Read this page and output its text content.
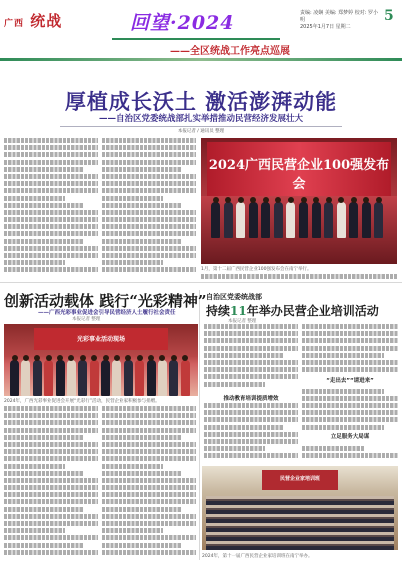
广西 统战	回望·2024
——全区统战工作亮点巡展
责编: 凌娴 美编: 郑梦婷 校对: 罗小明
2025年1月7日 星期二
5
厚植成长沃土 激活澎湃动能
——自治区党委统战部扎实举措推动民营经济发展壮大
本报记者 / 通讯员 整理
2024广西民营企业100强发布会
1月，第十二届广西民营企业100强发布会在南宁举行。
创新活动载体 践行“光彩精神”
——广西光彩事业促进会引导民营经济人士履行社会责任
本报记者 整理
光彩事业活动现场
2024年，广西光彩事业促进会开展“光彩行”活动，民营企业家积极参与捐赠。
自治区党委统战部
持续11年举办民营企业培训活动
本报记者 整理
推动教育培训提质增效
“走出去”“请进来”
立足服务大局谋
民营企业家培训班
2024年，第十一届广西民营企业家培训班在南宁举办。
